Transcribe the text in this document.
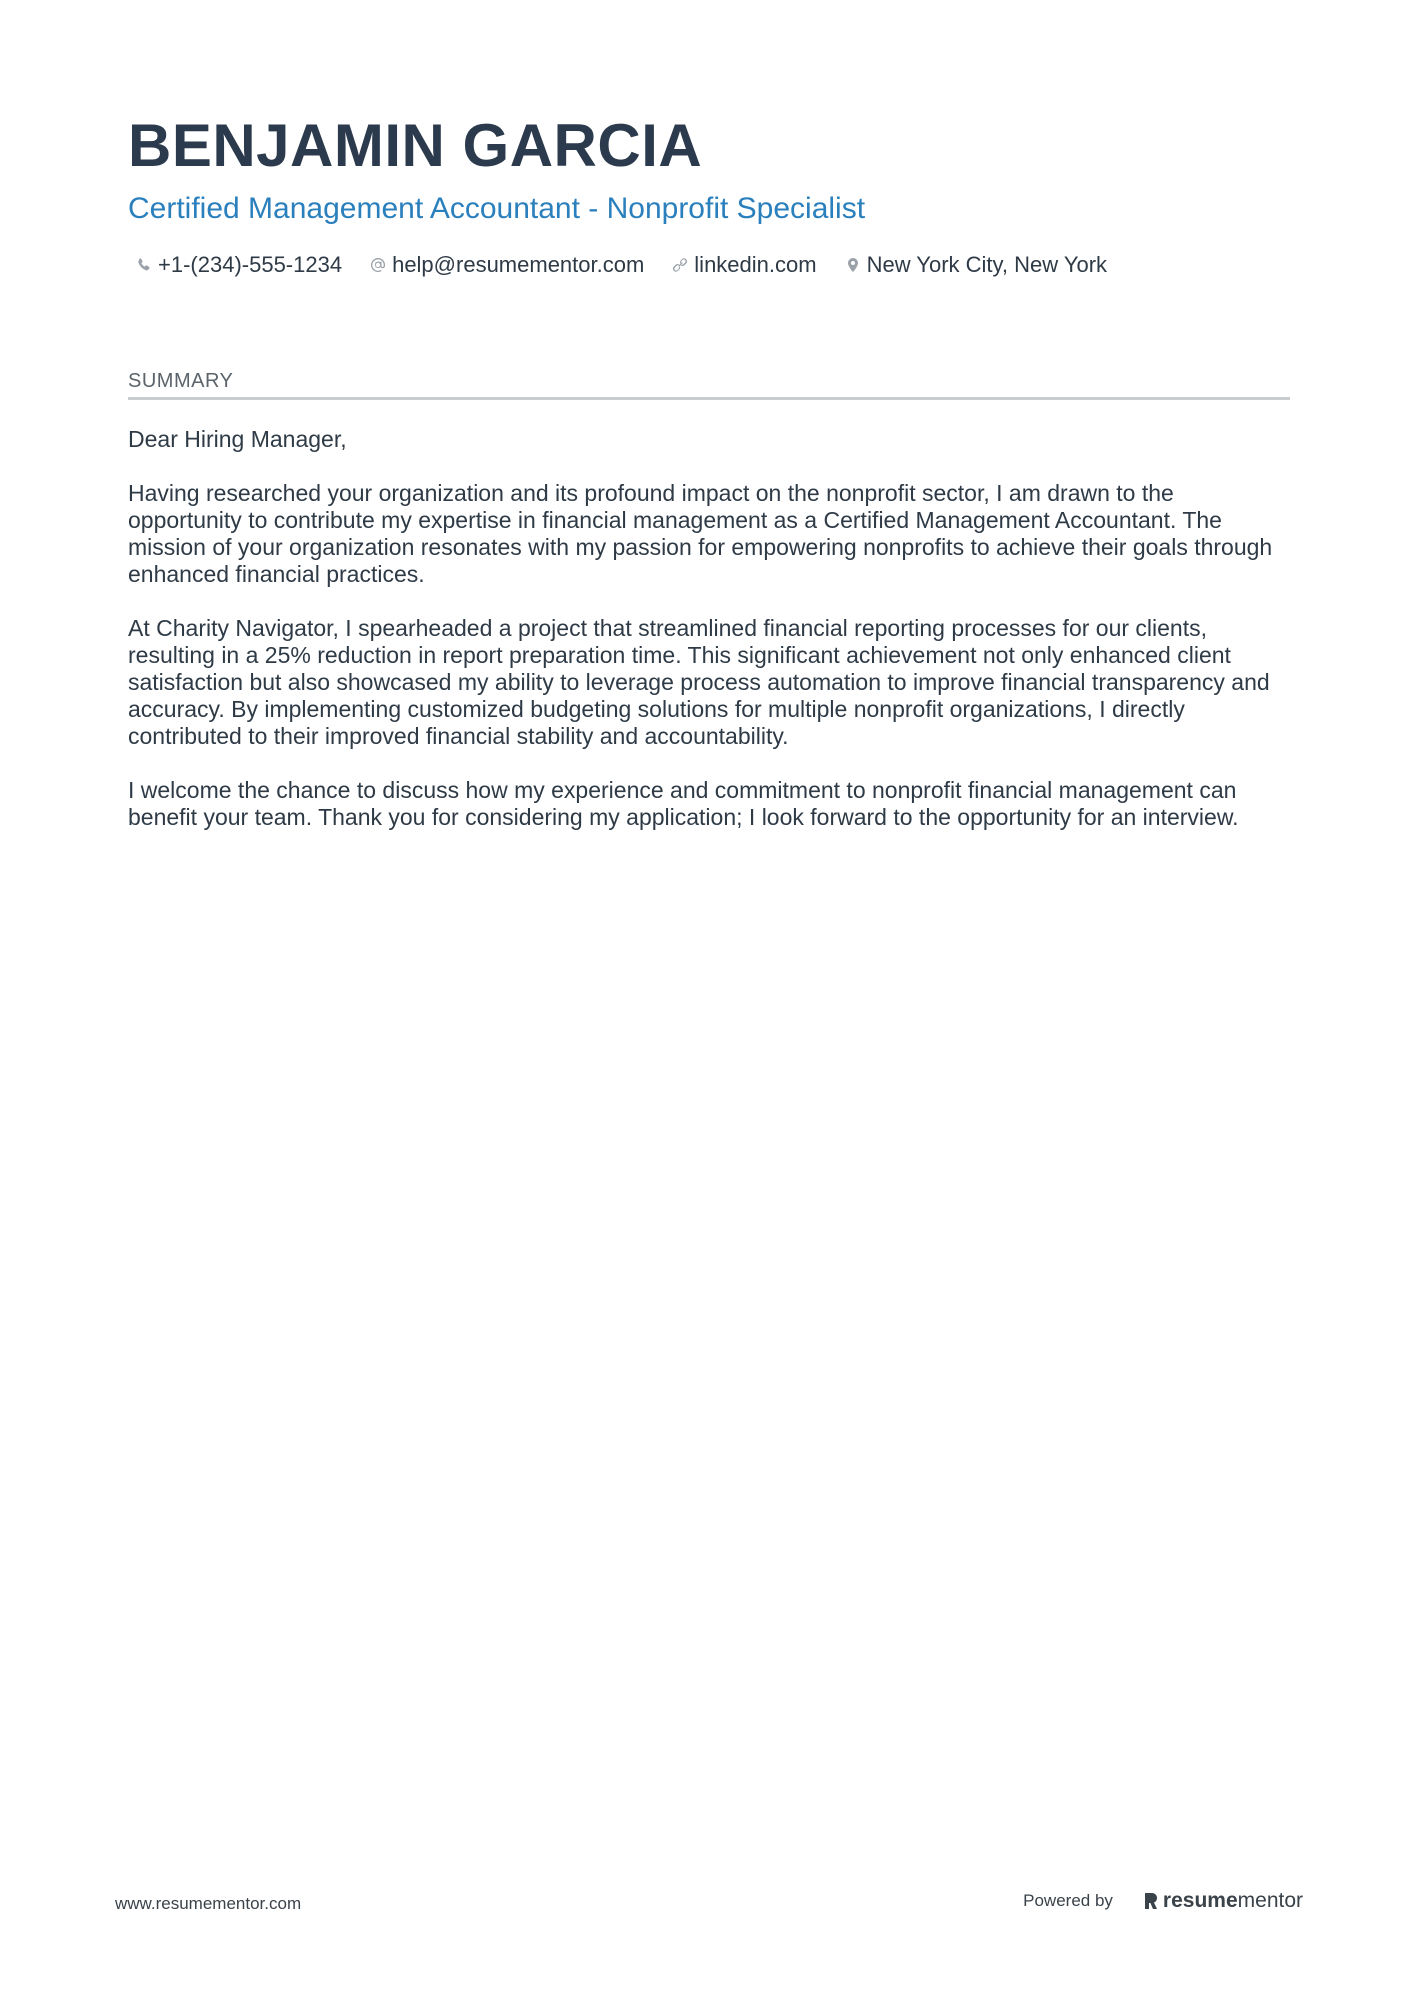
BENJAMIN GARCIA
Certified Management Accountant - Nonprofit Specialist
+1-(234)-555-1234 help@resumementor.com linkedin.com New York City, New York
SUMMARY

Dear Hiring Manager,

Having researched your organization and its profound impact on the nonprofit sector, I am drawn to the opportunity to contribute my expertise in financial management as a Certified Management Accountant. The mission of your organization resonates with my passion for empowering nonprofits to achieve their goals through enhanced financial practices.

At Charity Navigator, I spearheaded a project that streamlined financial reporting processes for our clients, resulting in a 25% reduction in report preparation time. This significant achievement not only enhanced client satisfaction but also showcased my ability to leverage process automation to improve financial transparency and accuracy. By implementing customized budgeting solutions for multiple nonprofit organizations, I directly contributed to their improved financial stability and accountability.

I welcome the chance to discuss how my experience and commitment to nonprofit financial management can benefit your team. Thank you for considering my application; I look forward to the opportunity for an interview.

www.resumementor.com	Powered by resume mentor
